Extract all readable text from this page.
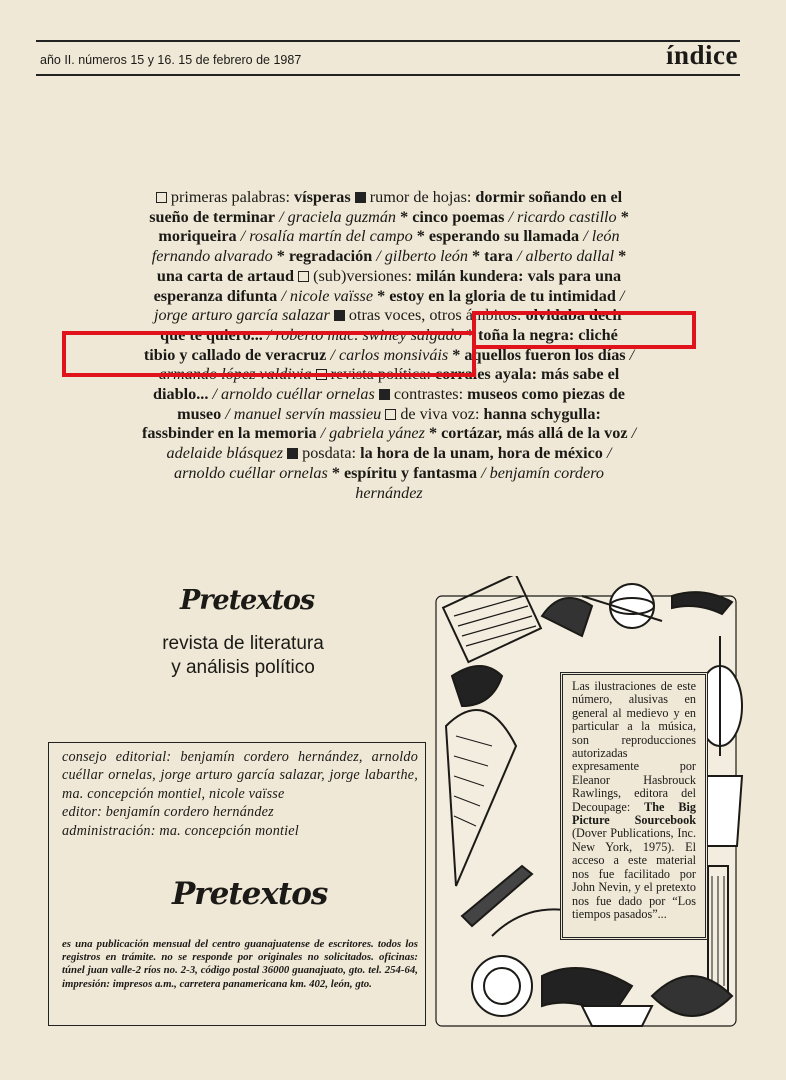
año II. números 15 y 16. 15 de febrero de 1987	índice
primeras palabras: vísperas  rumor de hojas: dormir soñando en el
sueño de terminar / graciela guzmán * cinco poemas / ricardo castillo *
moriqueira / rosalía martín del campo * esperando su llamada / león
fernando alvarado * regradación / gilberto león * tara / alberto dallal *
una carta de artaud  (sub)versiones: milán kundera: vals para una
esperanza difunta / nicole vaïsse * estoy en la gloria de tu intimidad /
jorge arturo garcía salazar  otras voces, otros ámbitos: olvidaba decir
que te quiero... / roberto mac. swiney salgado * toña la negra: cliché
tibio y callado de veracruz / carlos monsiváis * aquellos fueron los días /
armando lópez valdivia  revista política: corrales ayala: más sabe el
diablo... / arnoldo cuéllar ornelas  contrastes: museos como piezas de
museo / manuel servín massieu  de viva voz: hanna schygulla:
fassbinder en la memoria / gabriela yánez * cortázar, más allá de la voz /
adelaide blásquez  posdata: la hora de la unam, hora de méxico /
arnoldo cuéllar ornelas * espíritu y fantasma / benjamín cordero
hernández
Pretextos
revista de literatura
y análisis político
consejo editorial: benjamín cordero hernández, arnoldo cuéllar ornelas, jorge arturo garcía salazar, jorge labarthe, ma. concepción montiel, nicole vaïsse
editor: benjamín cordero hernández
administración: ma. concepción montiel
Pretextos
es una publicación mensual del centro guanajuatense de escritores. todos los registros en trámite. no se responde por originales no solicitados. oficinas: túnel juan valle-2 ríos no. 2-3, código postal 36000 guanajuato, gto. tel. 254-64, impresión: impresos a.m., carretera panamericana km. 402, león, gto.
Las ilustraciones de este número, alusivas en general al medievo y en particular a la música, son reproducciones autorizadas expresamente por Eleanor Hasbrouck Rawlings, editora del Decoupage: The Big Picture Sourcebook (Dover Publications, Inc. New York, 1975). El acceso a este material nos fue facilitado por John Nevin, y el pretexto nos fue dado por “Los tiempos pasados”...
